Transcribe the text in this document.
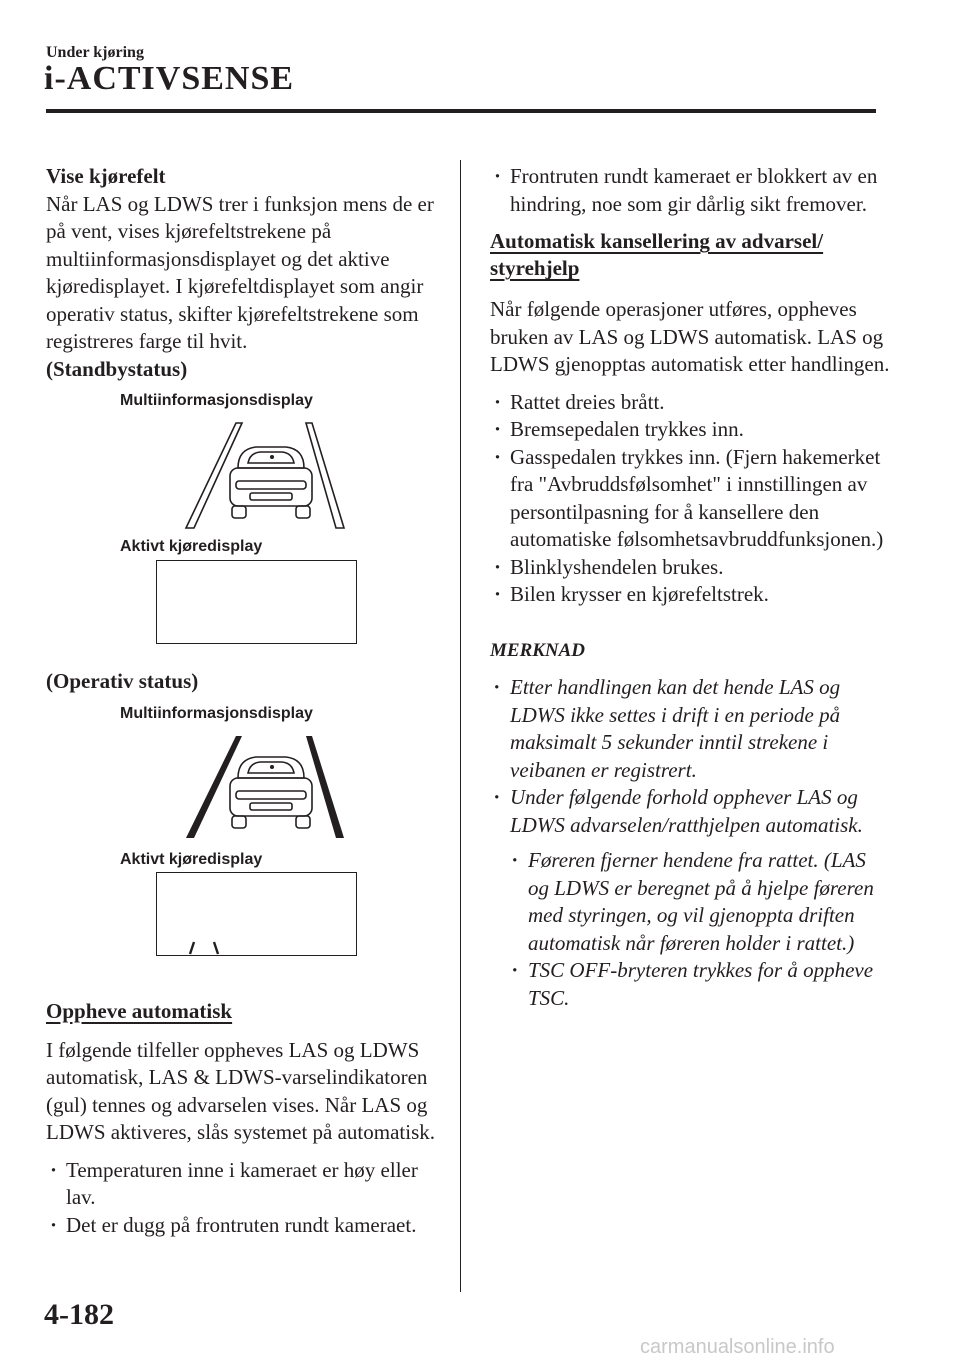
Under kjøring
i-ACTIVSENSE

Vise kjørefelt

Når LAS og LDWS trer i funksjon mens de er på vent, vises kjørefeltstrekene på multiinformasjonsdisplayet og det aktive kjøredisplayet. I kjørefeltdisplayet som angir operativ status, skifter kjørefeltstrekene som registreres farge til hvit.

(Standbystatus)

Multiinformasjonsdisplay
Aktivt kjøredisplay

(Operativ status)

Multiinformasjonsdisplay
Aktivt kjøredisplay

Oppheve automatisk

I følgende tilfeller oppheves LAS og LDWS automatisk, LAS & LDWS-varselindikatoren (gul) tennes og advarselen vises. Når LAS og LDWS aktiveres, slås systemet på automatisk.

· Temperaturen inne i kameraet er høy eller lav.
· Det er dugg på frontruten rundt kameraet.
· Frontruten rundt kameraet er blokkert av en hindring, noe som gir dårlig sikt fremover.

Automatisk kansellering av advarsel/
styrehjelp

Når følgende operasjoner utføres, oppheves bruken av LAS og LDWS automatisk. LAS og LDWS gjenopptas automatisk etter handlingen.

· Rattet dreies brått.
· Bremsepedalen trykkes inn.
· Gasspedalen trykkes inn. (Fjern hakemerket fra "Avbruddsfølsomhet" i innstillingen av persontilpasning for å kansellere den automatiske følsomhetsavbruddfunksjonen.)
· Blinklyshendelen brukes.
· Bilen krysser en kjørefeltstrek.

MERKNAD

· Etter handlingen kan det hende LAS og LDWS ikke settes i drift i en periode på maksimalt 5 sekunder inntil strekene i veibanen er registrert.
· Under følgende forhold opphever LAS og LDWS advarselen/ratthjelpen automatisk.
· Føreren fjerner hendene fra rattet. (LAS og LDWS er beregnet på å hjelpe føreren med styringen, og vil gjenoppta driften automatisk når føreren holder i rattet.)
· TSC OFF-bryteren trykkes for å oppheve TSC.
4-182
carmanualsonline.info
